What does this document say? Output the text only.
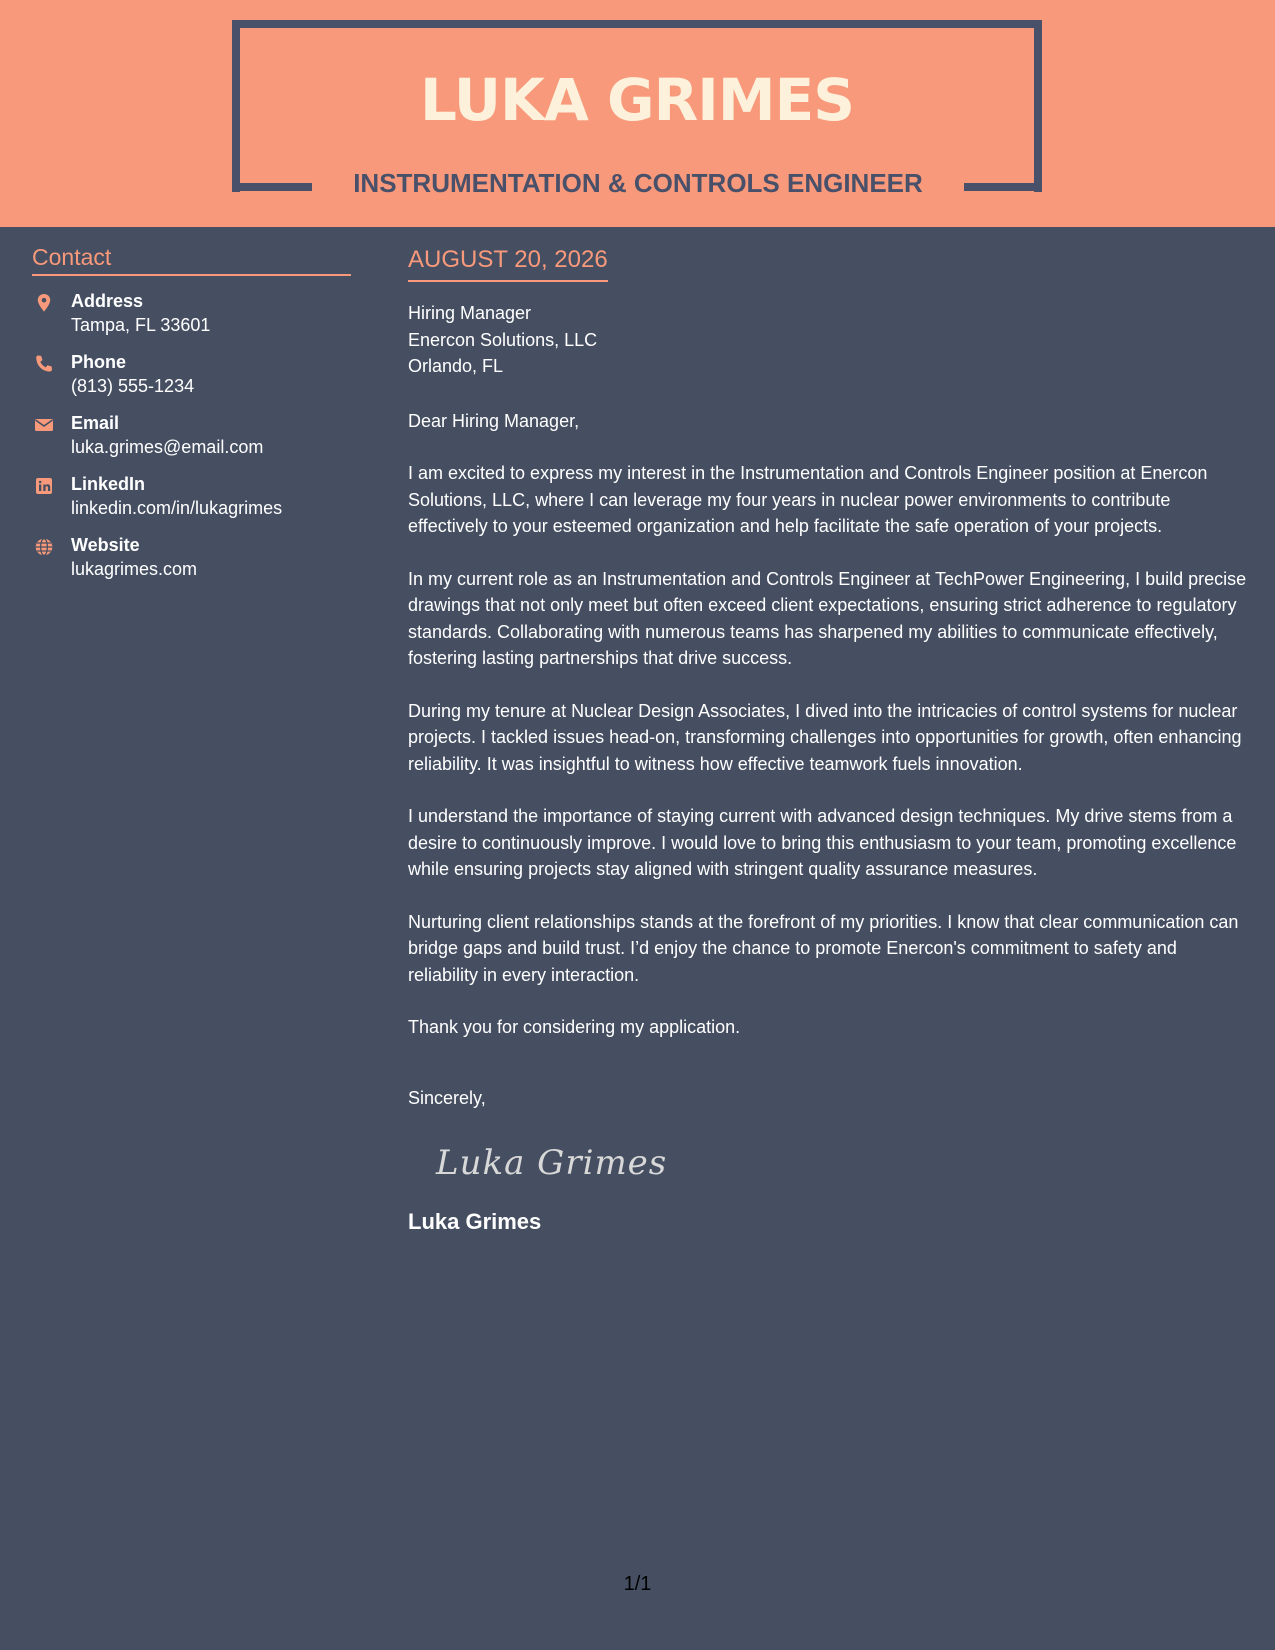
LUKA GRIMES
INSTRUMENTATION & CONTROLS ENGINEER
Contact
Address
Tampa, FL 33601
Phone
(813) 555-1234
Email
luka.grimes@email.com
LinkedIn
linkedin.com/in/lukagrimes
Website
lukagrimes.com
AUGUST 20, 2026
Hiring Manager
Enercon Solutions, LLC
Orlando, FL
Dear Hiring Manager,
I am excited to express my interest in the Instrumentation and Controls Engineer position at Enercon Solutions, LLC, where I can leverage my four years in nuclear power environments to contribute effectively to your esteemed organization and help facilitate the safe operation of your projects.
In my current role as an Instrumentation and Controls Engineer at TechPower Engineering, I build precise drawings that not only meet but often exceed client expectations, ensuring strict adherence to regulatory standards. Collaborating with numerous teams has sharpened my abilities to communicate effectively, fostering lasting partnerships that drive success.
During my tenure at Nuclear Design Associates, I dived into the intricacies of control systems for nuclear projects. I tackled issues head-on, transforming challenges into opportunities for growth, often enhancing reliability. It was insightful to witness how effective teamwork fuels innovation.
I understand the importance of staying current with advanced design techniques. My drive stems from a desire to continuously improve. I would love to bring this enthusiasm to your team, promoting excellence while ensuring projects stay aligned with stringent quality assurance measures.
Nurturing client relationships stands at the forefront of my priorities. I know that clear communication can bridge gaps and build trust. I’d enjoy the chance to promote Enercon's commitment to safety and reliability in every interaction.
Thank you for considering my application.
Sincerely,
Luka Grimes
Luka Grimes
1/1
